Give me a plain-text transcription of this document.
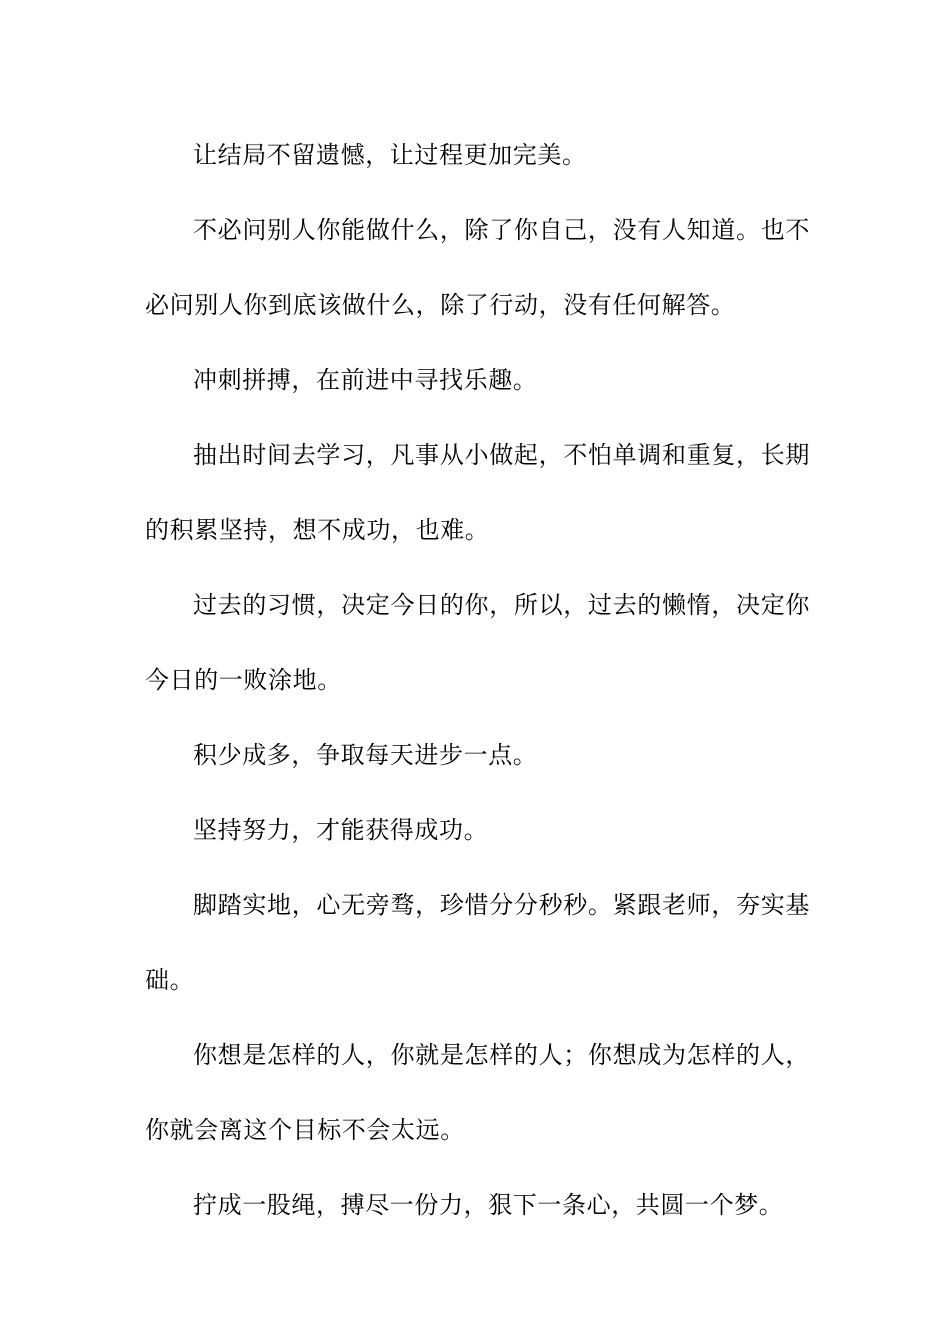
让结局不留遗憾，让过程更加完美。

不必问别人你能做什么，除了你自己，没有人知道。也不必问别人你到底该做什么，除了行动，没有任何解答。

冲刺拼搏，在前进中寻找乐趣。

抽出时间去学习，凡事从小做起，不怕单调和重复，长期的积累坚持，想不成功，也难。

过去的习惯，决定今日的你，所以，过去的懒惰，决定你今日的一败涂地。

积少成多，争取每天进步一点。

坚持努力，才能获得成功。

脚踏实地，心无旁骛，珍惜分分秒秒。紧跟老师，夯实基础。

你想是怎样的人，你就是怎样的人；你想成为怎样的人，你就会离这个目标不会太远。

拧成一股绳，搏尽一份力，狠下一条心，共圆一个梦。
